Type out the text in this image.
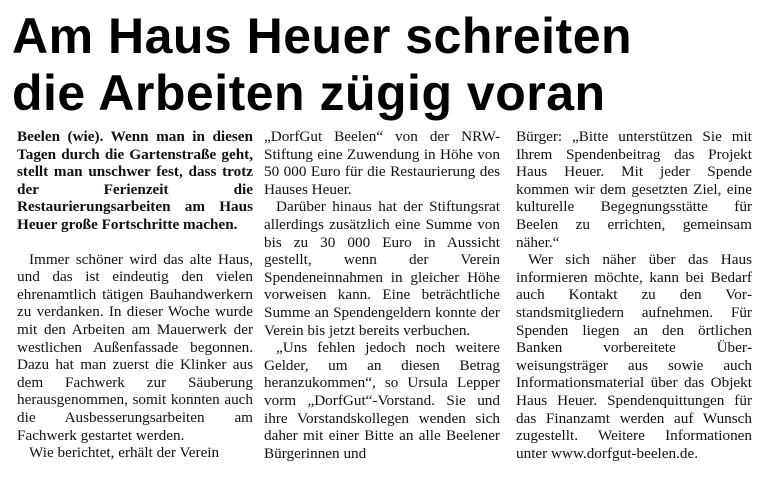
Am Haus Heuer schreiten
die Arbeiten zügig voran

Beelen (wie). Wenn man in diesen Tagen durch die Gartenstraße geht, stellt man unschwer fest, dass trotz der Ferienzeit die Restaurierungsarbeiten am Haus Heuer große Fortschritte machen.

Immer schöner wird das alte Haus, und das ist eindeutig den vielen ehrenamtlich tätigen Bauhandwerkern zu verdanken. In dieser Woche wurde mit den Arbeiten am Mauerwerk der westlichen Außenfassade begonnen. Dazu hat man zuerst die Klinker aus dem Fachwerk zur Säuberung herausgenommen, somit konnten auch die Ausbesserungsarbeiten am Fachwerk gestartet werden.

Wie berichtet, erhält der Verein

„DorfGut Beelen“ von der NRW-Stiftung eine Zuwendung in Höhe von 50 000 Euro für die Restaurierung des Hauses Heuer.

Darüber hinaus hat der Stiftungsrat allerdings zusätzlich eine Summe von bis zu 30 000 Euro in Aussicht gestellt, wenn der Verein Spendeneinnahmen in gleicher Höhe vorweisen kann. Eine beträchtliche Summe an Spendengeldern konnte der Verein bis jetzt bereits verbuchen.

„Uns fehlen jedoch noch weitere Gelder, um an diesen Betrag heranzukommen“, so Ursula Lepper vorm „DorfGut“-Vorstand. Sie und ihre Vorstandskollegen wenden sich daher mit einer Bitte an alle Beelener Bürgerinnen und

Bürger: „Bitte unterstützen Sie mit Ihrem Spendenbeitrag das Projekt Haus Heuer. Mit jeder Spende kommen wir dem gesetzten Ziel, eine kulturelle Begegnungsstätte für Beelen zu errichten, gemeinsam näher.“

Wer sich näher über das Haus informieren möchte, kann bei Bedarf auch Kontakt zu den Vorstandsmitgliedern aufnehmen. Für Spenden liegen an den örtlichen Banken vorbereitete Überweisungsträger aus sowie auch Informationsmaterial über das Objekt Haus Heuer. Spendenquittungen für das Finanzamt werden auf Wunsch zugestellt. Weitere Informationen unter www.dorfgut-beelen.de.
